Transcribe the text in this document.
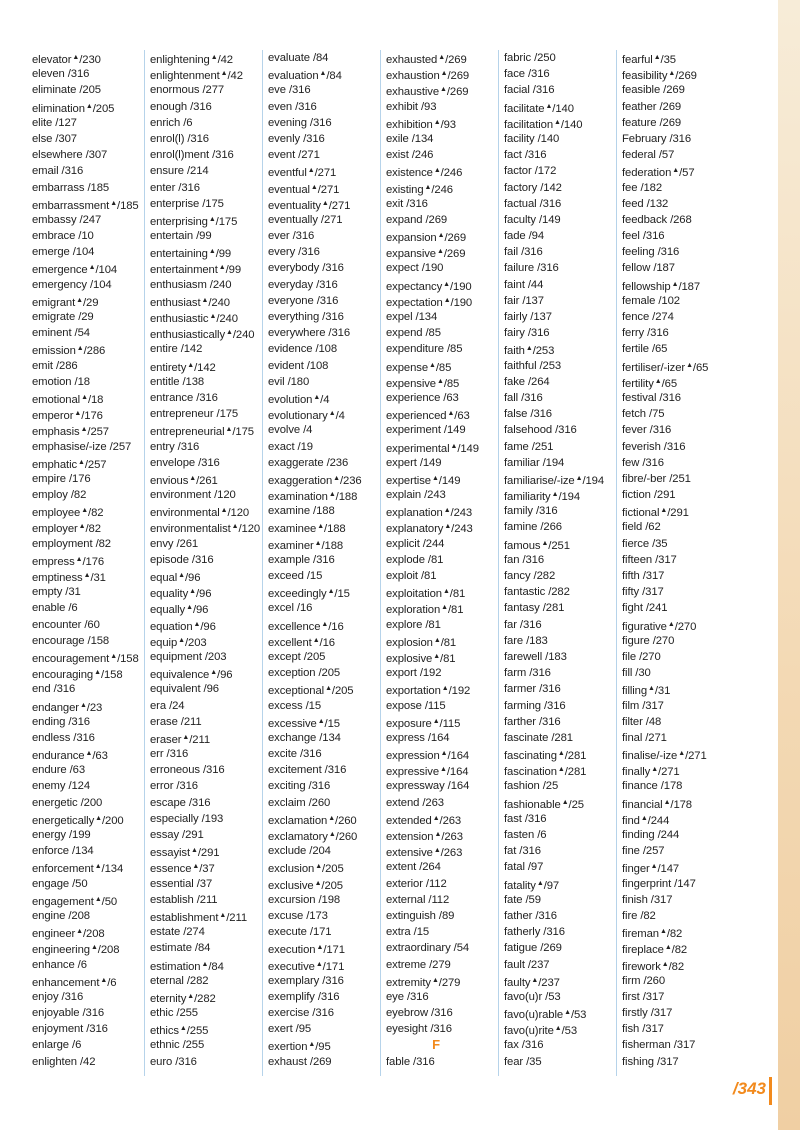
elevator▲/230
eleven /316
eliminate /205
elimination▲/205
elite /127
else /307
elsewhere /307
email /316
embarrass /185
embarrassment▲/185
embassy /247
embrace /10
emerge /104
emergence▲/104
emergency /104
emigrant▲/29
emigrate /29
eminent /54
emission▲/286
emit /286
emotion /18
emotional▲/18
emperor▲/176
emphasis▲/257
emphasise/-ize /257
emphatic▲/257
empire /176
employ /82
employee▲/82
employer▲/82
employment /82
empress▲/176
emptiness▲/31
empty /31
enable /6
encounter /60
encourage /158
encouragement▲/158
encouraging▲/158
end /316
endanger▲/23
ending /316
endless /316
endurance▲/63
endure /63
enemy /124
energetic /200
energetically▲/200
energy /199
enforce /134
enforcement▲/134
engage /50
engagement▲/50
engine /208
engineer▲/208
engineering▲/208
enhance /6
enhancement▲/6
enjoy /316
enjoyable /316
enjoyment /316
enlarge /6
enlighten /42
enlightening▲/42
enlightenment▲/42
enormous /277
enough /316
enrich /6
enrol(l) /316
enrol(l)ment /316
ensure /214
enter /316
enterprise /175
enterprising▲/175
entertain /99
entertaining▲/99
entertainment▲/99
enthusiasm /240
enthusiast▲/240
enthusiastic▲/240
enthusiastically▲/240
entire /142
entirety▲/142
entitle /138
entrance /316
entrepreneur /175
entrepreneurial▲/175
entry /316
envelope /316
envious▲/261
environment /120
environmental▲/120
environmentalist▲/120
envy /261
episode /316
equal▲/96
equality▲/96
equally▲/96
equation▲/96
equip▲/203
equipment /203
equivalence▲/96
equivalent /96
era /24
erase /211
eraser▲/211
err /316
erroneous /316
error /316
escape /316
especially /193
essay /291
essayist▲/291
essence▲/37
essential /37
establish /211
establishment▲/211
estate /274
estimate /84
estimation▲/84
eternal /282
eternity▲/282
ethic /255
ethics▲/255
ethnic /255
euro /316
evaluate /84
evaluation▲/84
eve /316
even /316
evening /316
evenly /316
event /271
eventful▲/271
eventual▲/271
eventuality▲/271
eventually /271
ever /316
every /316
everybody /316
everyday /316
everyone /316
everything /316
everywhere /316
evidence /108
evident /108
evil /180
evolution▲/4
evolutionary▲/4
evolve /4
exact /19
exaggerate /236
exaggeration▲/236
examination▲/188
examine /188
examinee▲/188
examiner▲/188
example /316
exceed /15
exceedingly▲/15
excel /16
excellence▲/16
excellent▲/16
except /205
exception /205
exceptional▲/205
excess /15
excessive▲/15
exchange /134
excite /316
excitement /316
exciting /316
exclaim /260
exclamation▲/260
exclamatory▲/260
exclude /204
exclusion▲/205
exclusive▲/205
excursion /198
excuse /173
execute /171
execution▲/171
executive▲/171
exemplary /316
exemplify /316
exercise /316
exert /95
exertion▲/95
exhaust /269
exhausted▲/269
exhaustion▲/269
exhaustive▲/269
exhibit /93
exhibition▲/93
exile /134
exist /246
existence▲/246
existing▲/246
exit /316
expand /269
expansion▲/269
expansive▲/269
expect /190
expectancy▲/190
expectation▲/190
expel /134
expend /85
expenditure /85
expense▲/85
expensive▲/85
experience /63
experienced▲/63
experiment /149
experimental▲/149
expert /149
expertise▲/149
explain /243
explanation▲/243
explanatory▲/243
explicit /244
explode /81
exploit /81
exploitation▲/81
exploration▲/81
explore /81
explosion▲/81
explosive▲/81
export /192
exportation▲/192
expose /115
exposure▲/115
express /164
expression▲/164
expressive▲/164
expressway /164
extend /263
extended▲/263
extension▲/263
extensive▲/263
extent /264
exterior /112
external /112
extinguish /89
extra /15
extraordinary /54
extreme /279
extremity▲/279
eye /316
eyebrow /316
eyesight /316
F
fable /316
fabric /250
face /316
facial /316
facilitate▲/140
facilitation▲/140
facility /140
fact /316
factor /172
factory /142
factual /316
faculty /149
fade /94
fail /316
failure /316
faint /44
fair /137
fairly /137
fairy /316
faith▲/253
faithful /253
fake /264
fall /316
false /316
falsehood /316
fame /251
familiar /194
familiarise/-ize▲/194
familiarity▲/194
family /316
famine /266
famous▲/251
fan /316
fancy /282
fantastic /282
fantasy /281
far /316
fare /183
farewell /183
farm /316
farmer /316
farming /316
farther /316
fascinate /281
fascinating▲/281
fascination▲/281
fashion /25
fashionable▲/25
fast /316
fasten /6
fat /316
fatal /97
fatality▲/97
fate /59
father /316
fatherly /316
fatigue /269
fault /237
faulty▲/237
favo(u)r /53
favo(u)rable▲/53
favo(u)rite▲/53
fax /316
fear /35
fearful▲/35
feasibility▲/269
feasible /269
feather /269
feature /269
February /316
federal /57
federation▲/57
fee /182
feed /132
feedback /268
feel /316
feeling /316
fellow /187
fellowship▲/187
female /102
fence /274
ferry /316
fertile /65
fertiliser/-izer▲/65
fertility▲/65
festival /316
fetch /75
fever /316
feverish /316
few /316
fibre/-ber /251
fiction /291
fictional▲/291
field /62
fierce /35
fifteen /317
fifth /317
fifty /317
fight /241
figurative▲/270
figure /270
file /270
fill /30
filling▲/31
film /317
filter /48
final /271
finalise/-ize▲/271
finally▲/271
finance /178
financial▲/178
find▲/244
finding /244
fine /257
finger▲/147
fingerprint /147
finish /317
fire /82
fireman▲/82
fireplace▲/82
firework▲/82
firm /260
first /317
firstly /317
fish /317
fisherman /317
fishing /317
/343
